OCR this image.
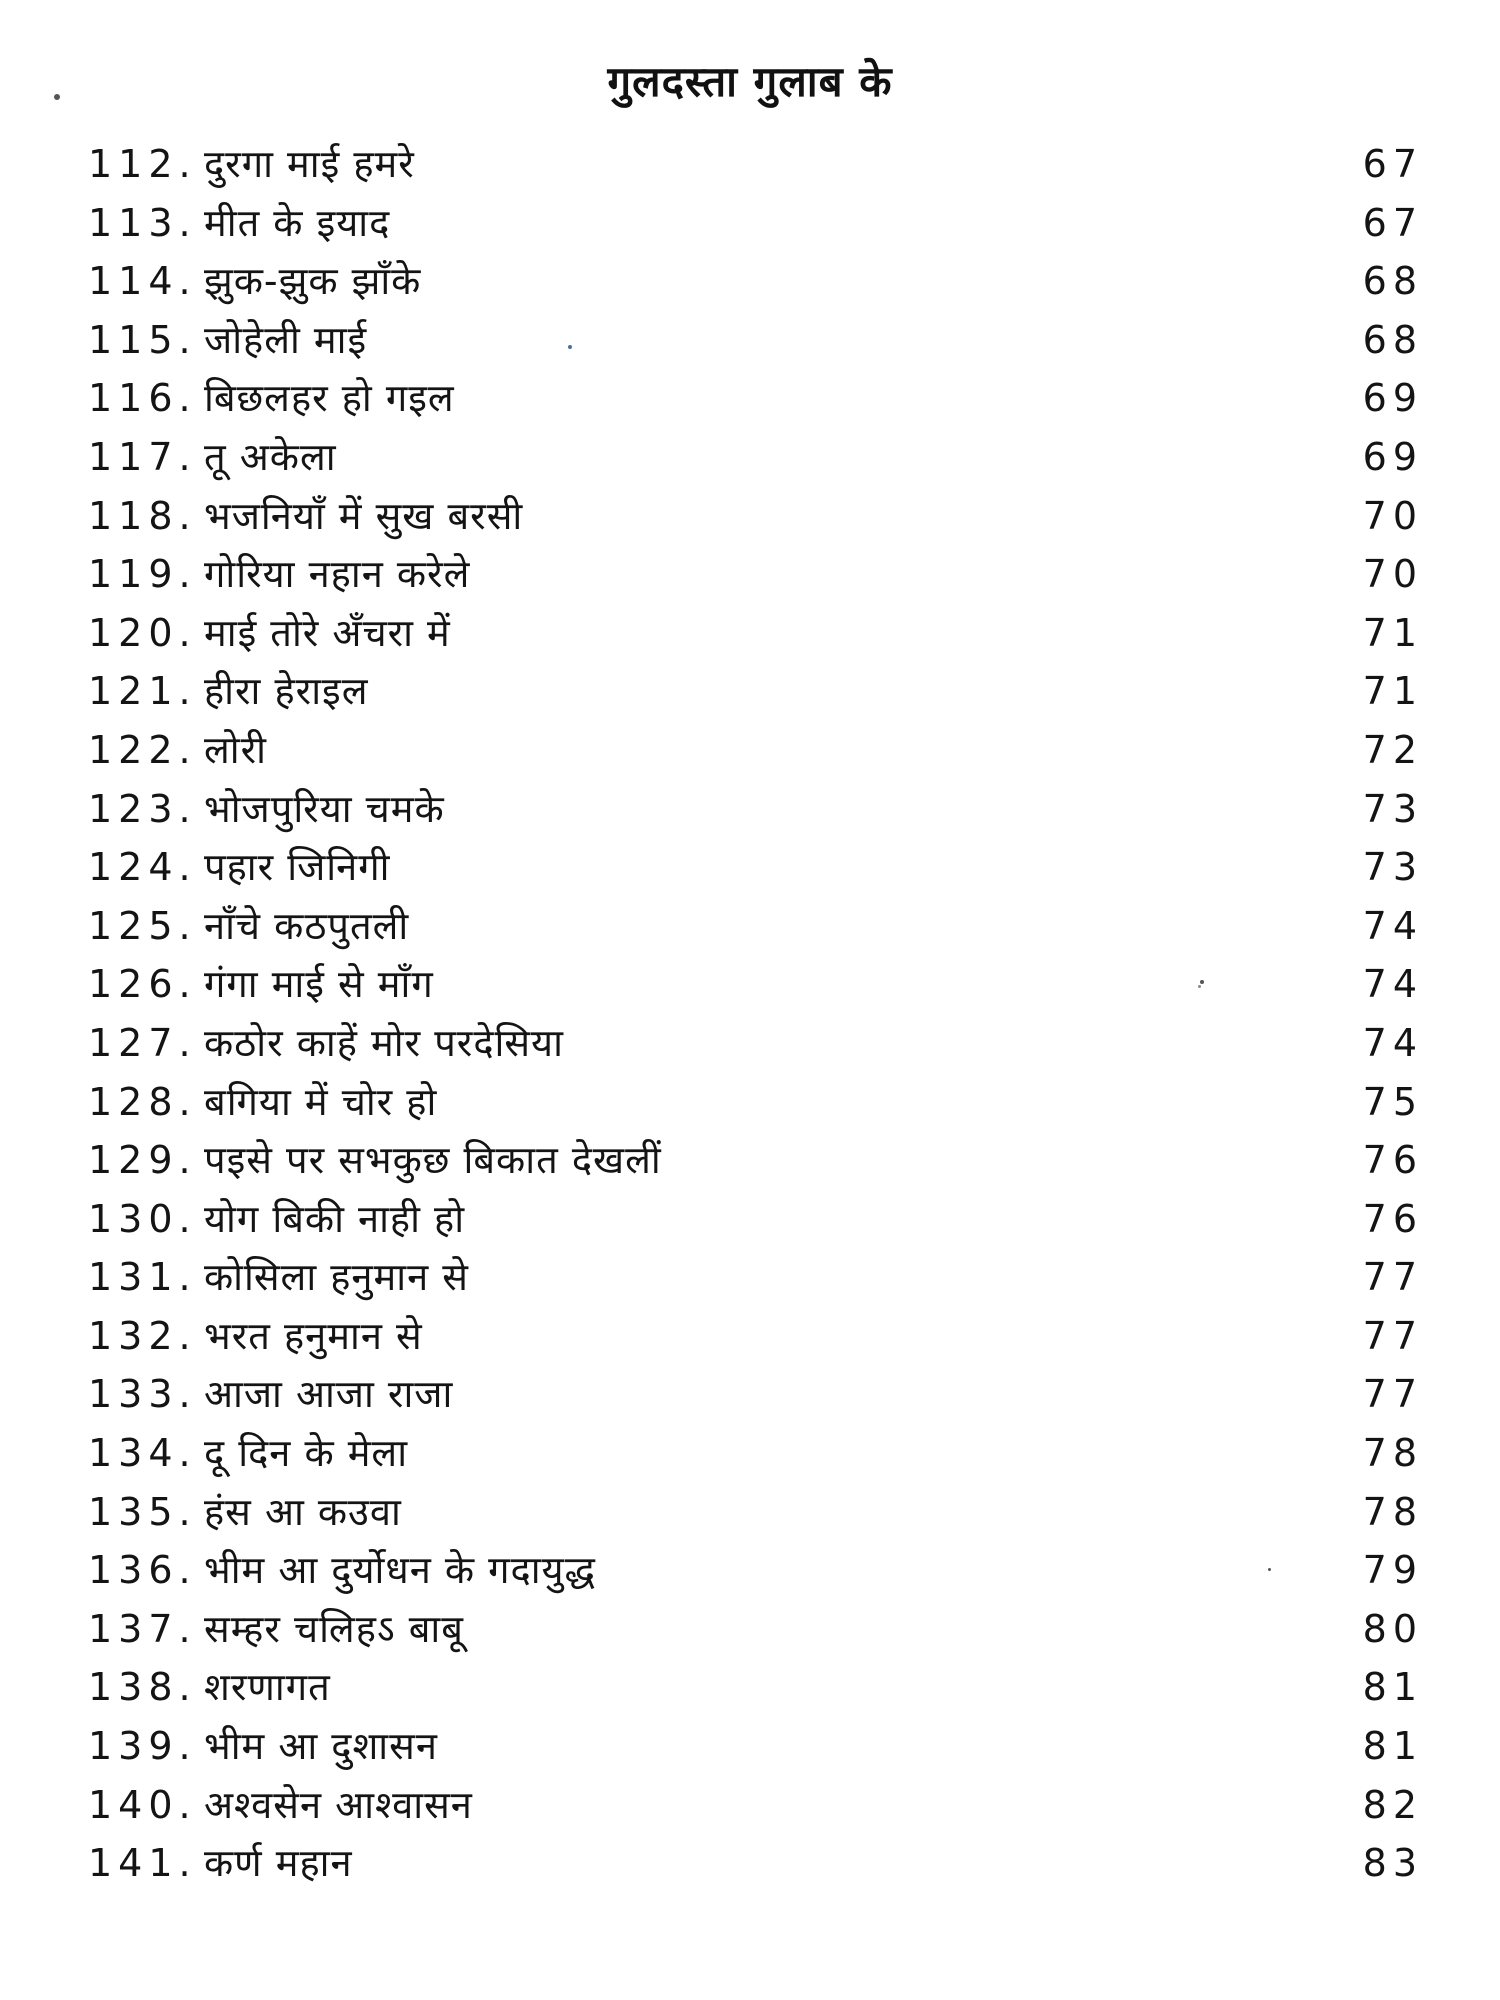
गुलदस्ता गुलाब के
112. दुरगा माई हमरे	67
113. मीत के इयाद	67
114. झुक-झुक झाँके	68
115. जोहेली माई	68
116. बिछलहर हो गइल	69
117. तू अकेला	69
118. भजनियाँ में सुख बरसी	70
119. गोरिया नहान करेले	70
120. माई तोरे अँचरा में	71
121. हीरा हेराइल	71
122. लोरी	72
123. भोजपुरिया चमके	73
124. पहार जिनिगी	73
125. नाँचे कठपुतली	74
126. गंगा माई से माँग	74
127. कठोर काहें मोर परदेसिया	74
128. बगिया में चोर हो	75
129. पइसे पर सभकुछ बिकात देखलीं	76
130. योग बिकी नाही हो	76
131. कोसिला हनुमान से	77
132. भरत हनुमान से	77
133. आजा आजा राजा	77
134. दू दिन के मेला	78
135. हंस आ कउवा	78
136. भीम आ दुर्योधन के गदायुद्ध	79
137. सम्हर चलिहऽ बाबू	80
138. शरणागत	81
139. भीम आ दुशासन	81
140. अश्वसेन आश्वासन	82
141. कर्ण महान	83
